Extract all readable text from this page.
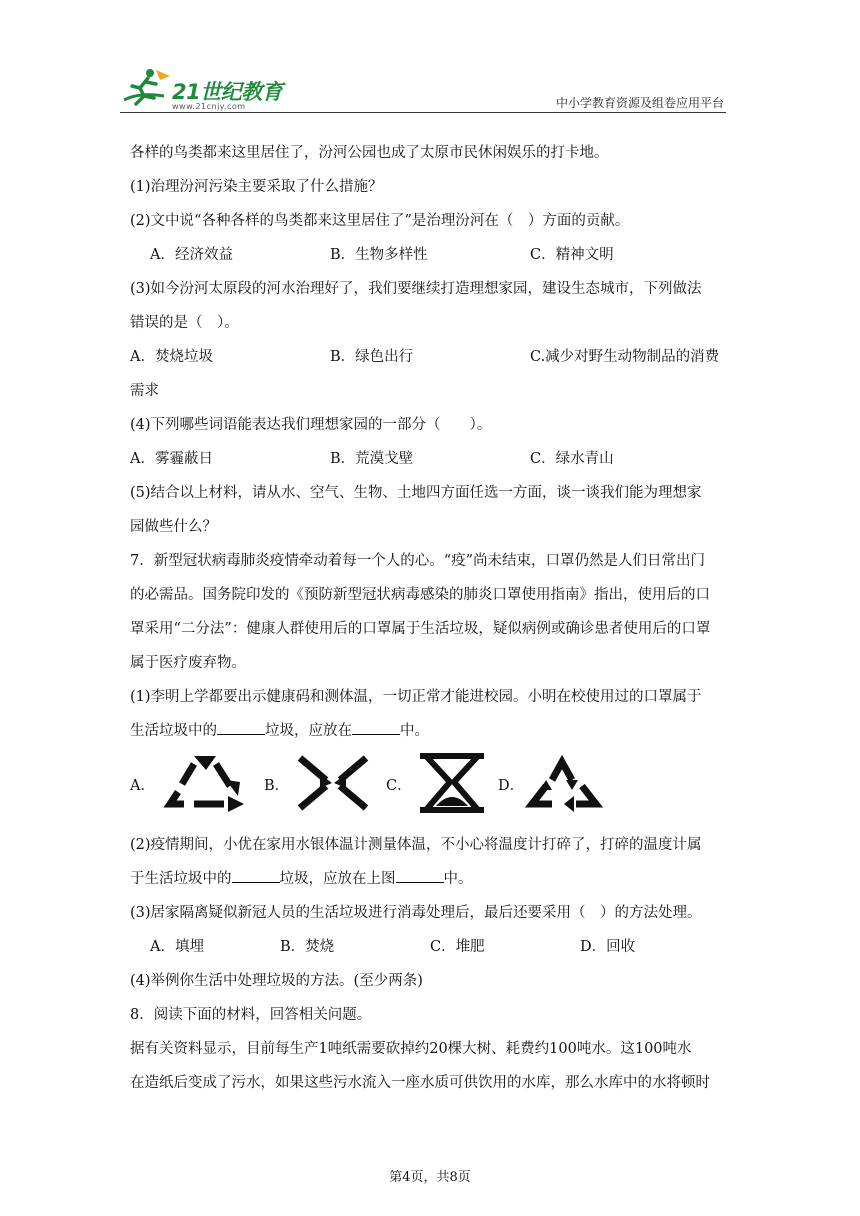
21世纪教育
www.21cnjy.com	中小学教育资源及组卷应用平台
各样的鸟类都来这里居住了，汾河公园也成了太原市民休闲娱乐的打卡地。
(1)治理汾河污染主要采取了什么措施？
(2)文中说“各种各样的鸟类都来这里居住了”是治理汾河在（　）方面的贡献。
A．经济效益	B．生物多样性	C．精神文明
(3)如今汾河太原段的河水治理好了，我们要继续打造理想家园，建设生态城市，下列做法
错误的是（　）。
A．焚烧垃圾	B．绿色出行	C.减少对野生动物制品的消费
需求
(4)下列哪些词语能表达我们理想家园的一部分（　　）。
A．雾霾蔽日	B．荒漠戈壁	C．绿水青山
(5)结合以上材料，请从水、空气、生物、土地四方面任选一方面，谈一谈我们能为理想家
园做些什么？
7．新型冠状病毒肺炎疫情牵动着每一个人的心。“疫”尚未结束，口罩仍然是人们日常出门
的必需品。国务院印发的《预防新型冠状病毒感染的肺炎口罩使用指南》指出，使用后的口
罩采用“二分法”：健康人群使用后的口罩属于生活垃圾，疑似病例或确诊患者使用后的口罩
属于医疗废弃物。
(1)李明上学都要出示健康码和测体温，一切正常才能进校园。小明在校使用过的口罩属于
生活垃圾中的	垃圾，应放在	中。
A．	B．	C．	D．
(2)疫情期间，小优在家用水银体温计测量体温，不小心将温度计打碎了，打碎的温度计属
于生活垃圾中的	垃圾，应放在上图	中。
(3)居家隔离疑似新冠人员的生活垃圾进行消毒处理后，最后还要采用（　）的方法处理。
A．填埋	B．焚烧	C．堆肥	D．回收
(4)举例你生活中处理垃圾的方法。(至少两条)
8．阅读下面的材料，回答相关问题。
据有关资料显示，目前每生产1吨纸需要砍掉约20棵大树、耗费约100吨水。这100吨水
在造纸后变成了污水，如果这些污水流入一座水质可供饮用的水库，那么水库中的水将顿时
第4页，共8页
